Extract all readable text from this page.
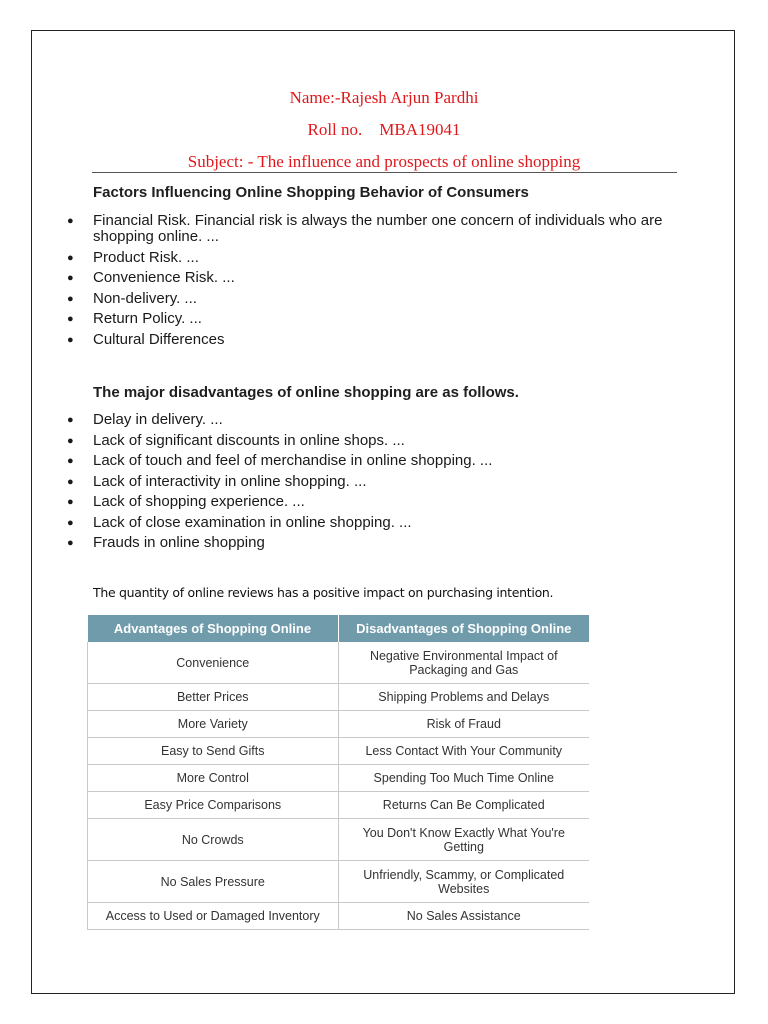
Name:-Rajesh Arjun Pardhi
Roll no.    MBA19041
Subject: - The influence and prospects of online shopping
Factors Influencing Online Shopping Behavior of Consumers
● Financial Risk. Financial risk is always the number one concern of individuals who are shopping online. ...
● Product Risk. ...
● Convenience Risk. ...
● Non-delivery. ...
● Return Policy. ...
● Cultural Differences
The major disadvantages of online shopping are as follows.
● Delay in delivery. ...
● Lack of significant discounts in online shops. ...
● Lack of touch and feel of merchandise in online shopping. ...
● Lack of interactivity in online shopping. ...
● Lack of shopping experience. ...
● Lack of close examination in online shopping. ...
● Frauds in online shopping
The quantity of online reviews has a positive impact on purchasing intention.
Advantages of Shopping Online	Disadvantages of Shopping Online
Convenience	Negative Environmental Impact of Packaging and Gas
Better Prices	Shipping Problems and Delays
More Variety	Risk of Fraud
Easy to Send Gifts	Less Contact With Your Community
More Control	Spending Too Much Time Online
Easy Price Comparisons	Returns Can Be Complicated
No Crowds	You Don't Know Exactly What You're Getting
No Sales Pressure	Unfriendly, Scammy, or Complicated Websites
Access to Used or Damaged Inventory	No Sales Assistance
